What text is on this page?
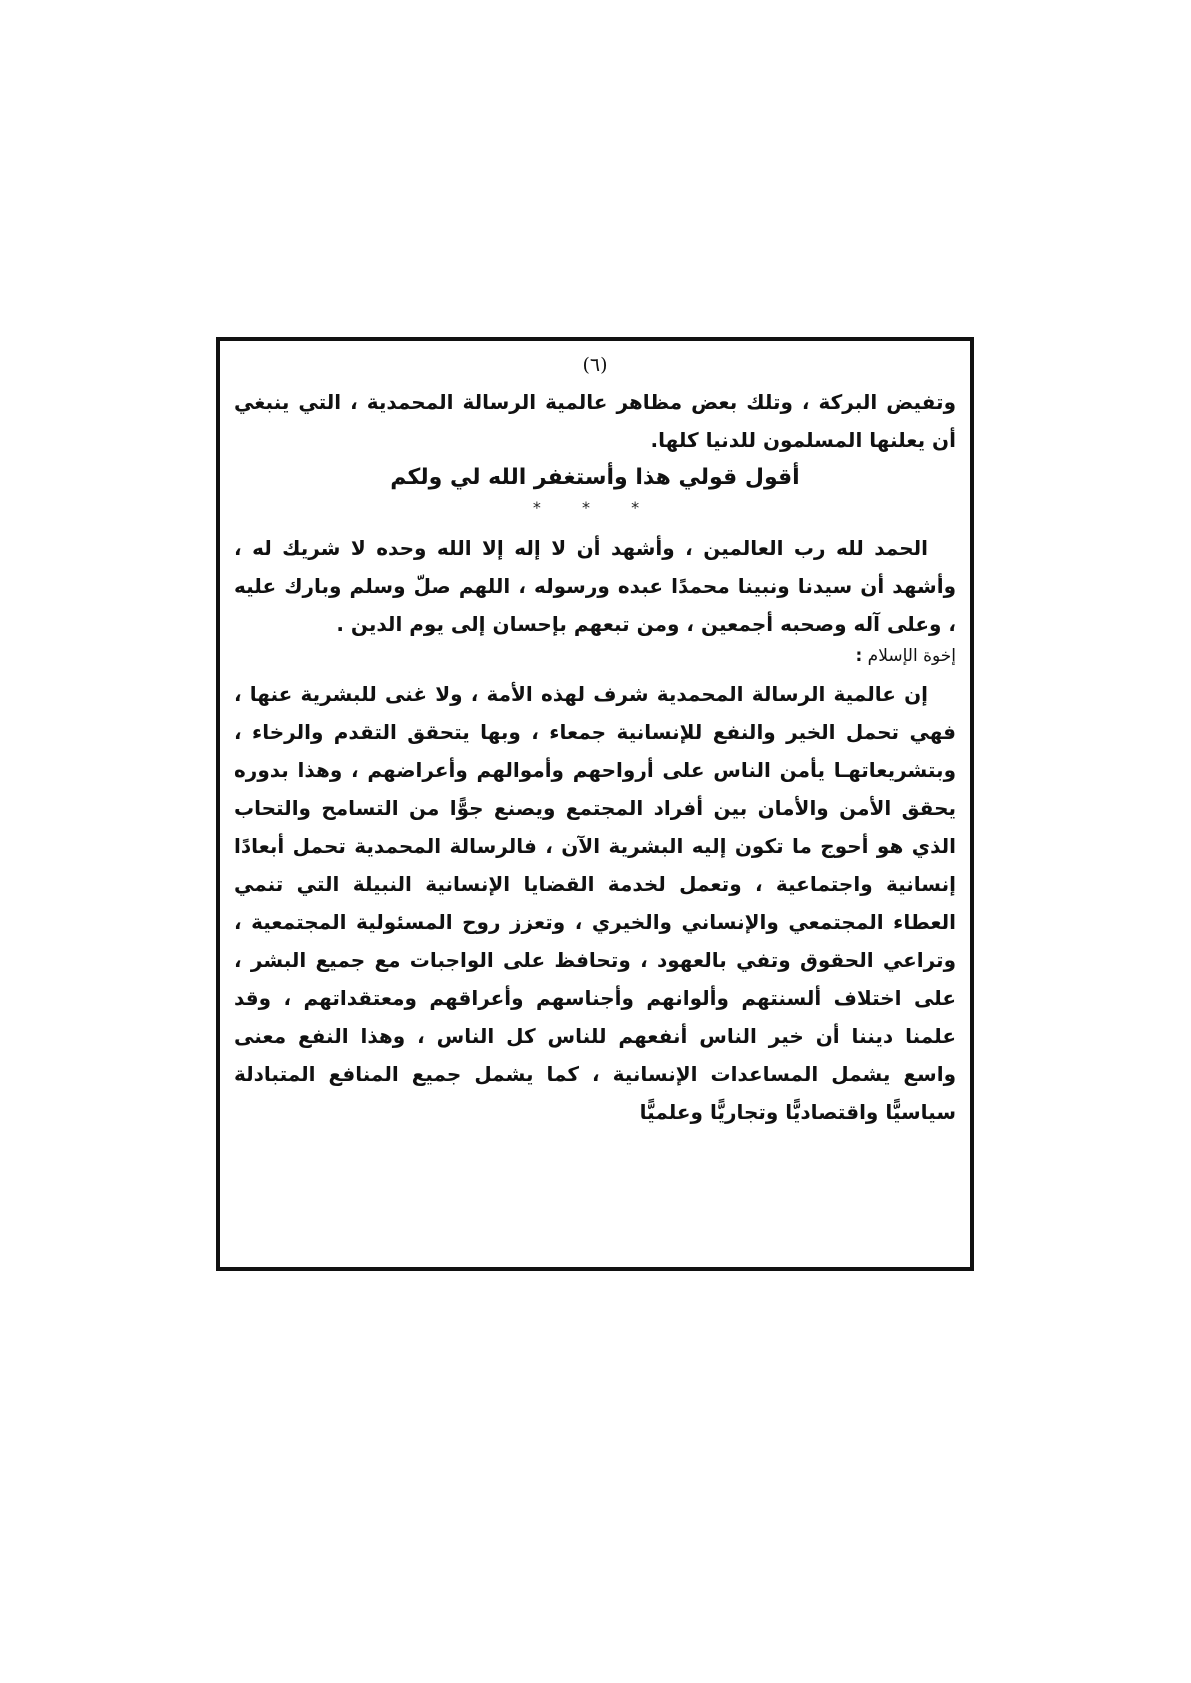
(٦)

وتفيض البركة ، وتلك بعض مظاهر عالمية الرسالة المحمدية ، التي ينبغي أن يعلنها المسلمون للدنيا كلها.

أقول قولي هذا وأستغفر الله لي ولكم

* * *

الحمد لله رب العالمين ، وأشهد أن لا إله إلا الله وحده لا شريك له ، وأشهد أن سيدنا ونبينا محمدًا عبده ورسوله ، اللهم صلّ وسلم وبارك عليه ، وعلى آله وصحبه أجمعين ، ومن تبعهم بإحسان إلى يوم الدين .

إخوة الإسلام :

إن عالمية الرسالة المحمدية شرف لهذه الأمة ، ولا غنى للبشرية عنها ، فهي تحمل الخير والنفع للإنسانية جمعاء ، وبها يتحقق التقدم والرخاء ، وبتشريعاتهـا يأمن الناس على أرواحهم وأموالهم وأعراضهم ، وهذا بدوره يحقق الأمن والأمان بين أفراد المجتمع ويصنع جوًّا من التسامح والتحاب الذي هو أحوج ما تكون إليه البشرية الآن ، فالرسالة المحمدية تحمل أبعادًا إنسانية واجتماعية ، وتعمل لخدمة القضايا الإنسانية النبيلة التي تنمي العطاء المجتمعي والإنساني والخيري ، وتعزز روح المسئولية المجتمعية ، وتراعي الحقوق وتفي بالعهود ، وتحافظ على الواجبات مع جميع البشر ، على اختلاف ألسنتهم وألوانهم وأجناسهم وأعراقهم ومعتقداتهم ، وقد علمنا ديننا أن خير الناس أنفعهم للناس كل الناس ، وهذا النفع معنى واسع يشمل المساعدات الإنسانية ، كما يشمل جميع المنافع المتبادلة سياسيًّا واقتصاديًّا وتجاريًّا وعلميًّا
